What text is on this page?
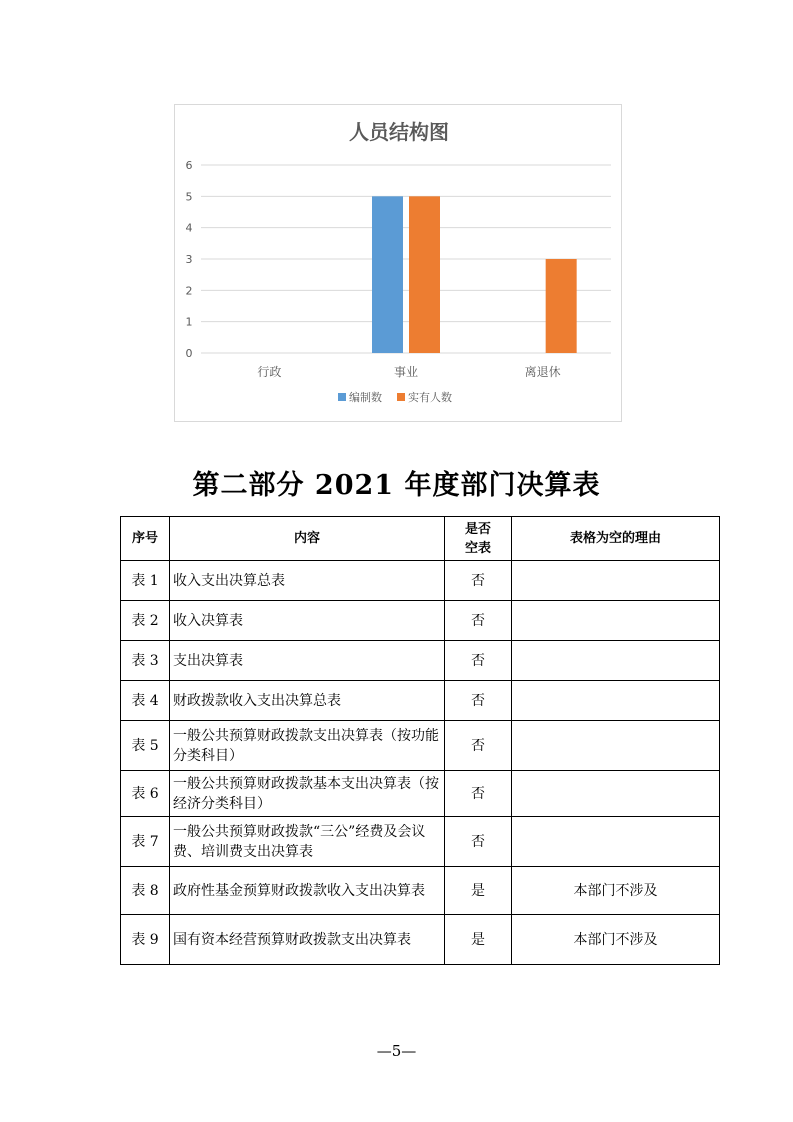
人员结构图
0
1
2
3
4
5
6
行政	事业	离退休
编制数 实有人数
第二部分 2021 年度部门决算表
序号	内容	是否空表	表格为空的理由
表 1	收入支出决算总表	否	
表 2	收入决算表	否	
表 3	支出决算表	否	
表 4	财政拨款收入支出决算总表	否	
表 5	一般公共预算财政拨款支出决算表（按功能分类科目）	否	
表 6	一般公共预算财政拨款基本支出决算表（按经济分类科目）	否	
表 7	一般公共预算财政拨款“三公”经费及会议费、培训费支出决算表	否	
表 8	政府性基金预算财政拨款收入支出决算表	是	本部门不涉及
表 9	国有资本经营预算财政拨款支出决算表	是	本部门不涉及
—5—
